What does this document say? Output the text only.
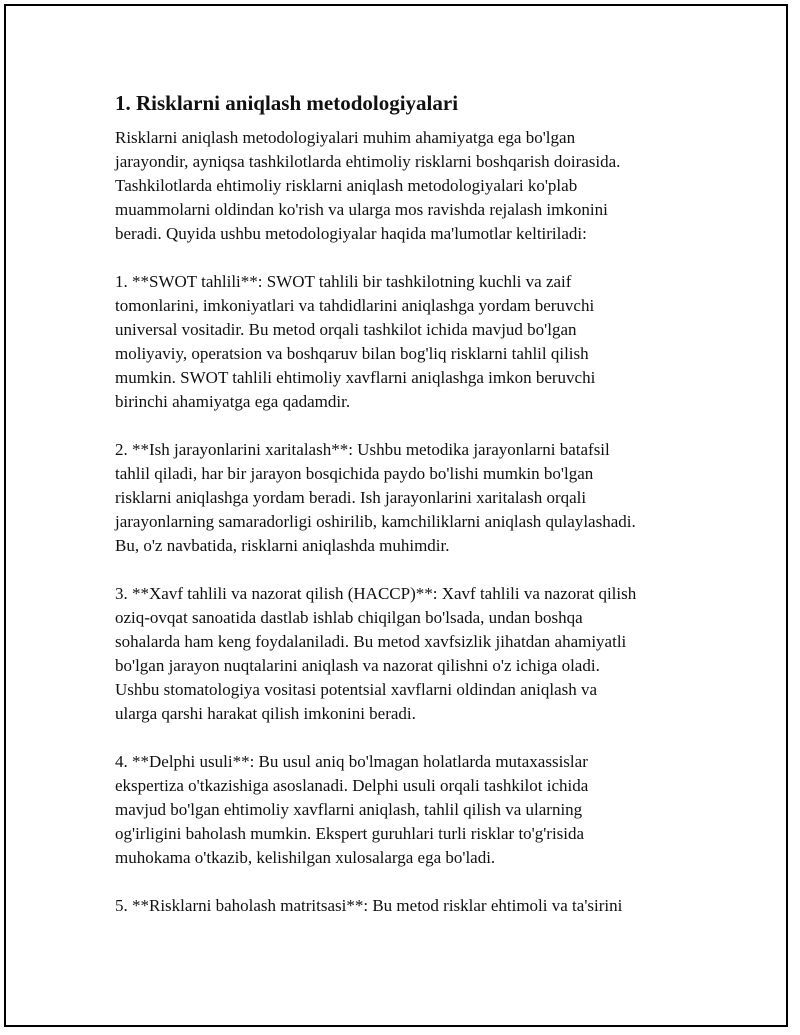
1. Risklarni aniqlash metodologiyalari

Risklarni aniqlash metodologiyalari muhim ahamiyatga ega bo'lgan
jarayondir, ayniqsa tashkilotlarda ehtimoliy risklarni boshqarish doirasida.
Tashkilotlarda ehtimoliy risklarni aniqlash metodologiyalari ko'plab
muammolarni oldindan ko'rish va ularga mos ravishda rejalash imkonini
beradi. Quyida ushbu metodologiyalar haqida ma'lumotlar keltiriladi:

1. **SWOT tahlili**: SWOT tahlili bir tashkilotning kuchli va zaif
tomonlarini, imkoniyatlari va tahdidlarini aniqlashga yordam beruvchi
universal vositadir. Bu metod orqali tashkilot ichida mavjud bo'lgan
moliyaviy, operatsion va boshqaruv bilan bog'liq risklarni tahlil qilish
mumkin. SWOT tahlili ehtimoliy xavflarni aniqlashga imkon beruvchi
birinchi ahamiyatga ega qadamdir.

2. **Ish jarayonlarini xaritalash**: Ushbu metodika jarayonlarni batafsil
tahlil qiladi, har bir jarayon bosqichida paydo bo'lishi mumkin bo'lgan
risklarni aniqlashga yordam beradi. Ish jarayonlarini xaritalash orqali
jarayonlarning samaradorligi oshirilib, kamchiliklarni aniqlash qulaylashadi.
Bu, o'z navbatida, risklarni aniqlashda muhimdir.

3. **Xavf tahlili va nazorat qilish (HACCP)**: Xavf tahlili va nazorat qilish
oziq-ovqat sanoatida dastlab ishlab chiqilgan bo'lsada, undan boshqa
sohalarda ham keng foydalaniladi. Bu metod xavfsizlik jihatdan ahamiyatli
bo'lgan jarayon nuqtalarini aniqlash va nazorat qilishni o'z ichiga oladi.
Ushbu stomatologiya vositasi potentsial xavflarni oldindan aniqlash va
ularga qarshi harakat qilish imkonini beradi.

4. **Delphi usuli**: Bu usul aniq bo'lmagan holatlarda mutaxassislar
ekspertiza o'tkazishiga asoslanadi. Delphi usuli orqali tashkilot ichida
mavjud bo'lgan ehtimoliy xavflarni aniqlash, tahlil qilish va ularning
og'irligini baholash mumkin. Ekspert guruhlari turli risklar to'g'risida
muhokama o'tkazib, kelishilgan xulosalarga ega bo'ladi.

5. **Risklarni baholash matritsasi**: Bu metod risklar ehtimoli va ta'sirini
